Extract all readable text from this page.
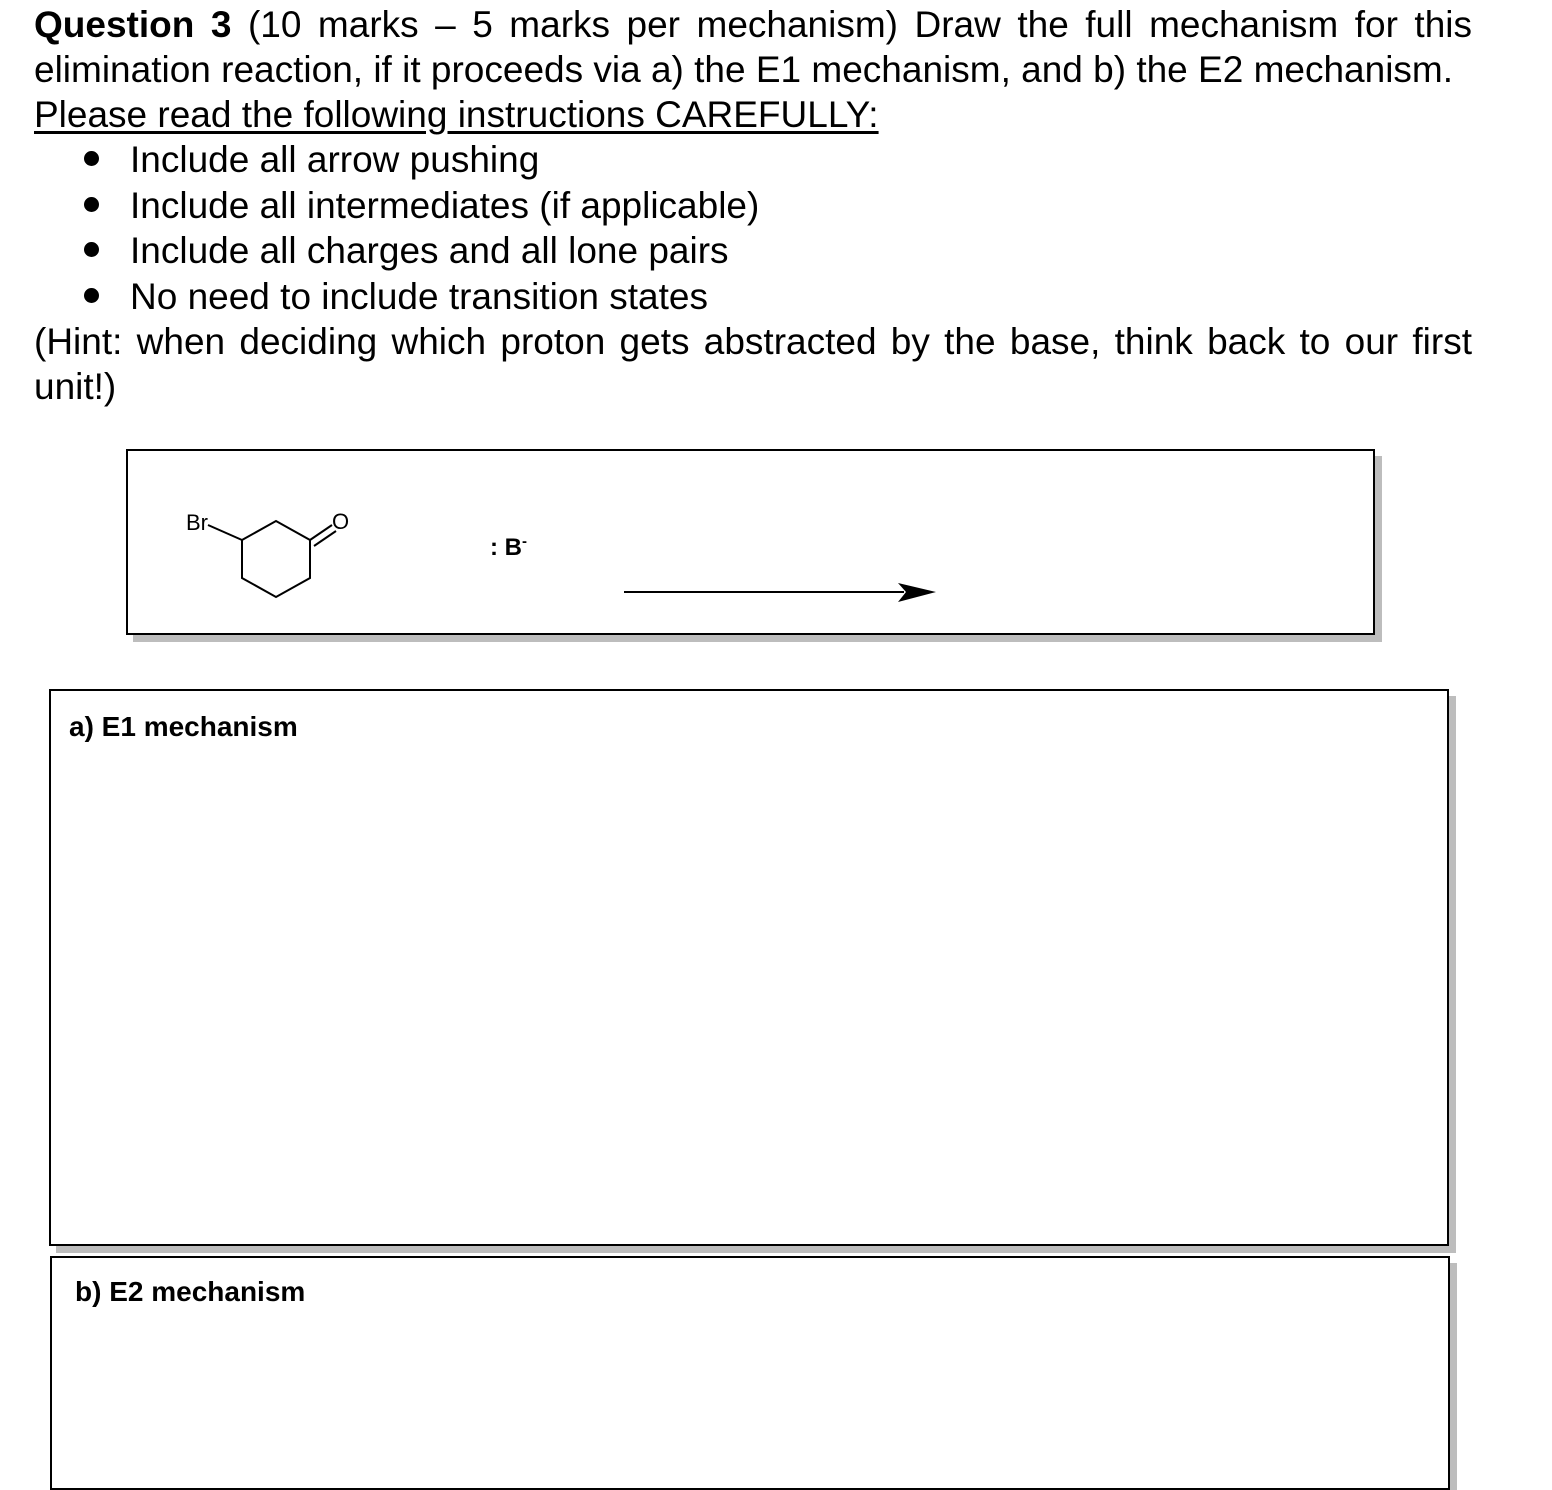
Question 3 (10 marks – 5 marks per mechanism) Draw the full mechanism for this elimination reaction, if it proceeds via a) the E1 mechanism, and b) the E2 mechanism.

Please read the following instructions CAREFULLY:

Include all arrow pushing
Include all intermediates (if applicable)
Include all charges and all lone pairs
No need to include transition states

(Hint: when deciding which proton gets abstracted by the base, think back to our first unit!)

Br	O
: B-
a) E1 mechanism
b) E2 mechanism
